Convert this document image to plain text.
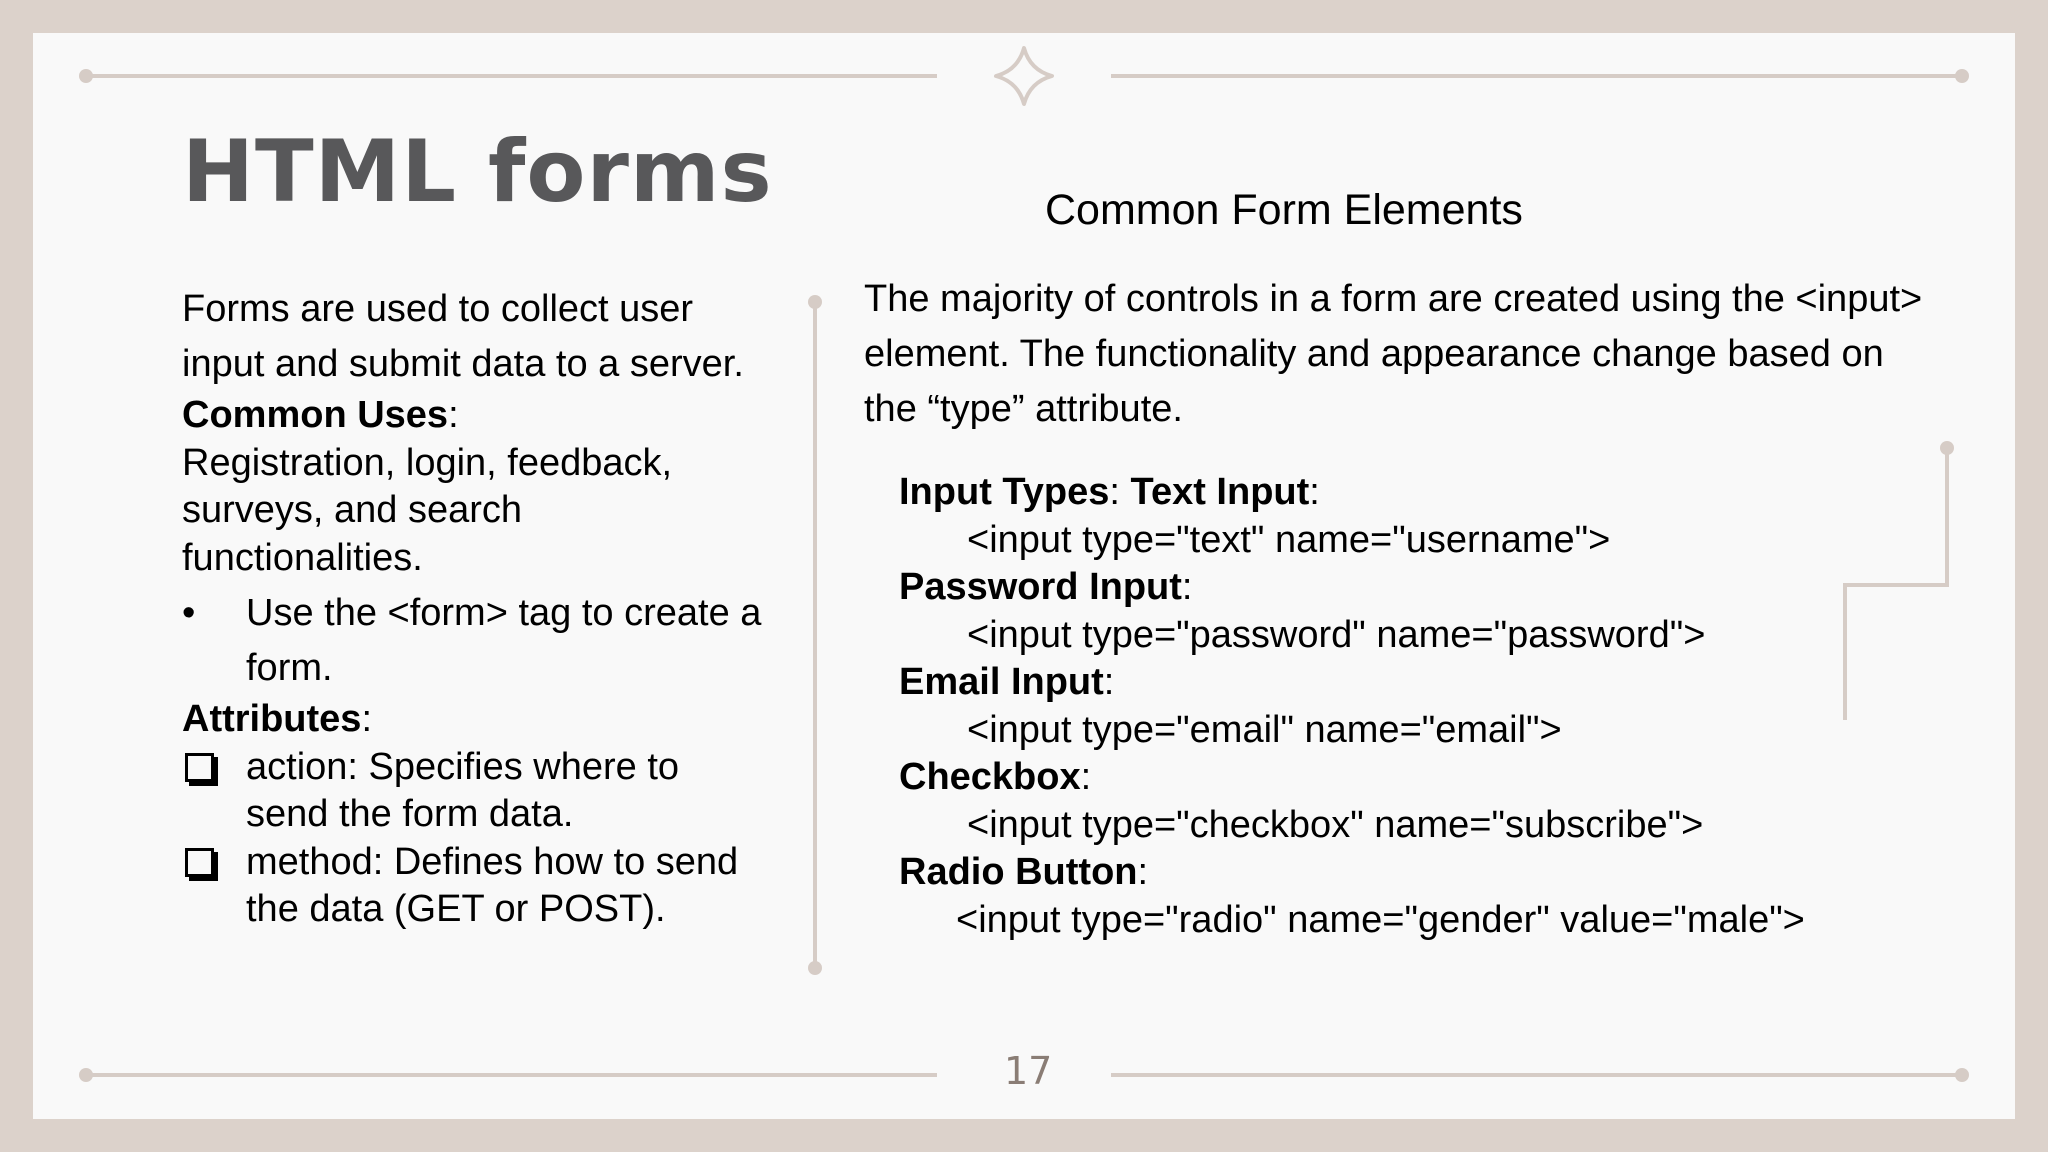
HTML forms
Forms are used to collect user input and submit data to a server.
Common Uses:
Registration, login, feedback, surveys, and search functionalities.
•	Use the <form> tag to create a form.
Attributes:
action: Specifies where to send the form data.
method: Defines how to send the data (GET or POST).
Common Form Elements
The majority of controls in a form are created using the <input> element. The functionality and appearance change based on the “type” attribute.
Input Types: Text Input:
<input type="text" name="username">
Password Input:
<input type="password" name="password">
Email Input:
<input type="email" name="email">
Checkbox:
<input type="checkbox" name="subscribe">
Radio Button:
<input type="radio" name="gender" value="male">
17
